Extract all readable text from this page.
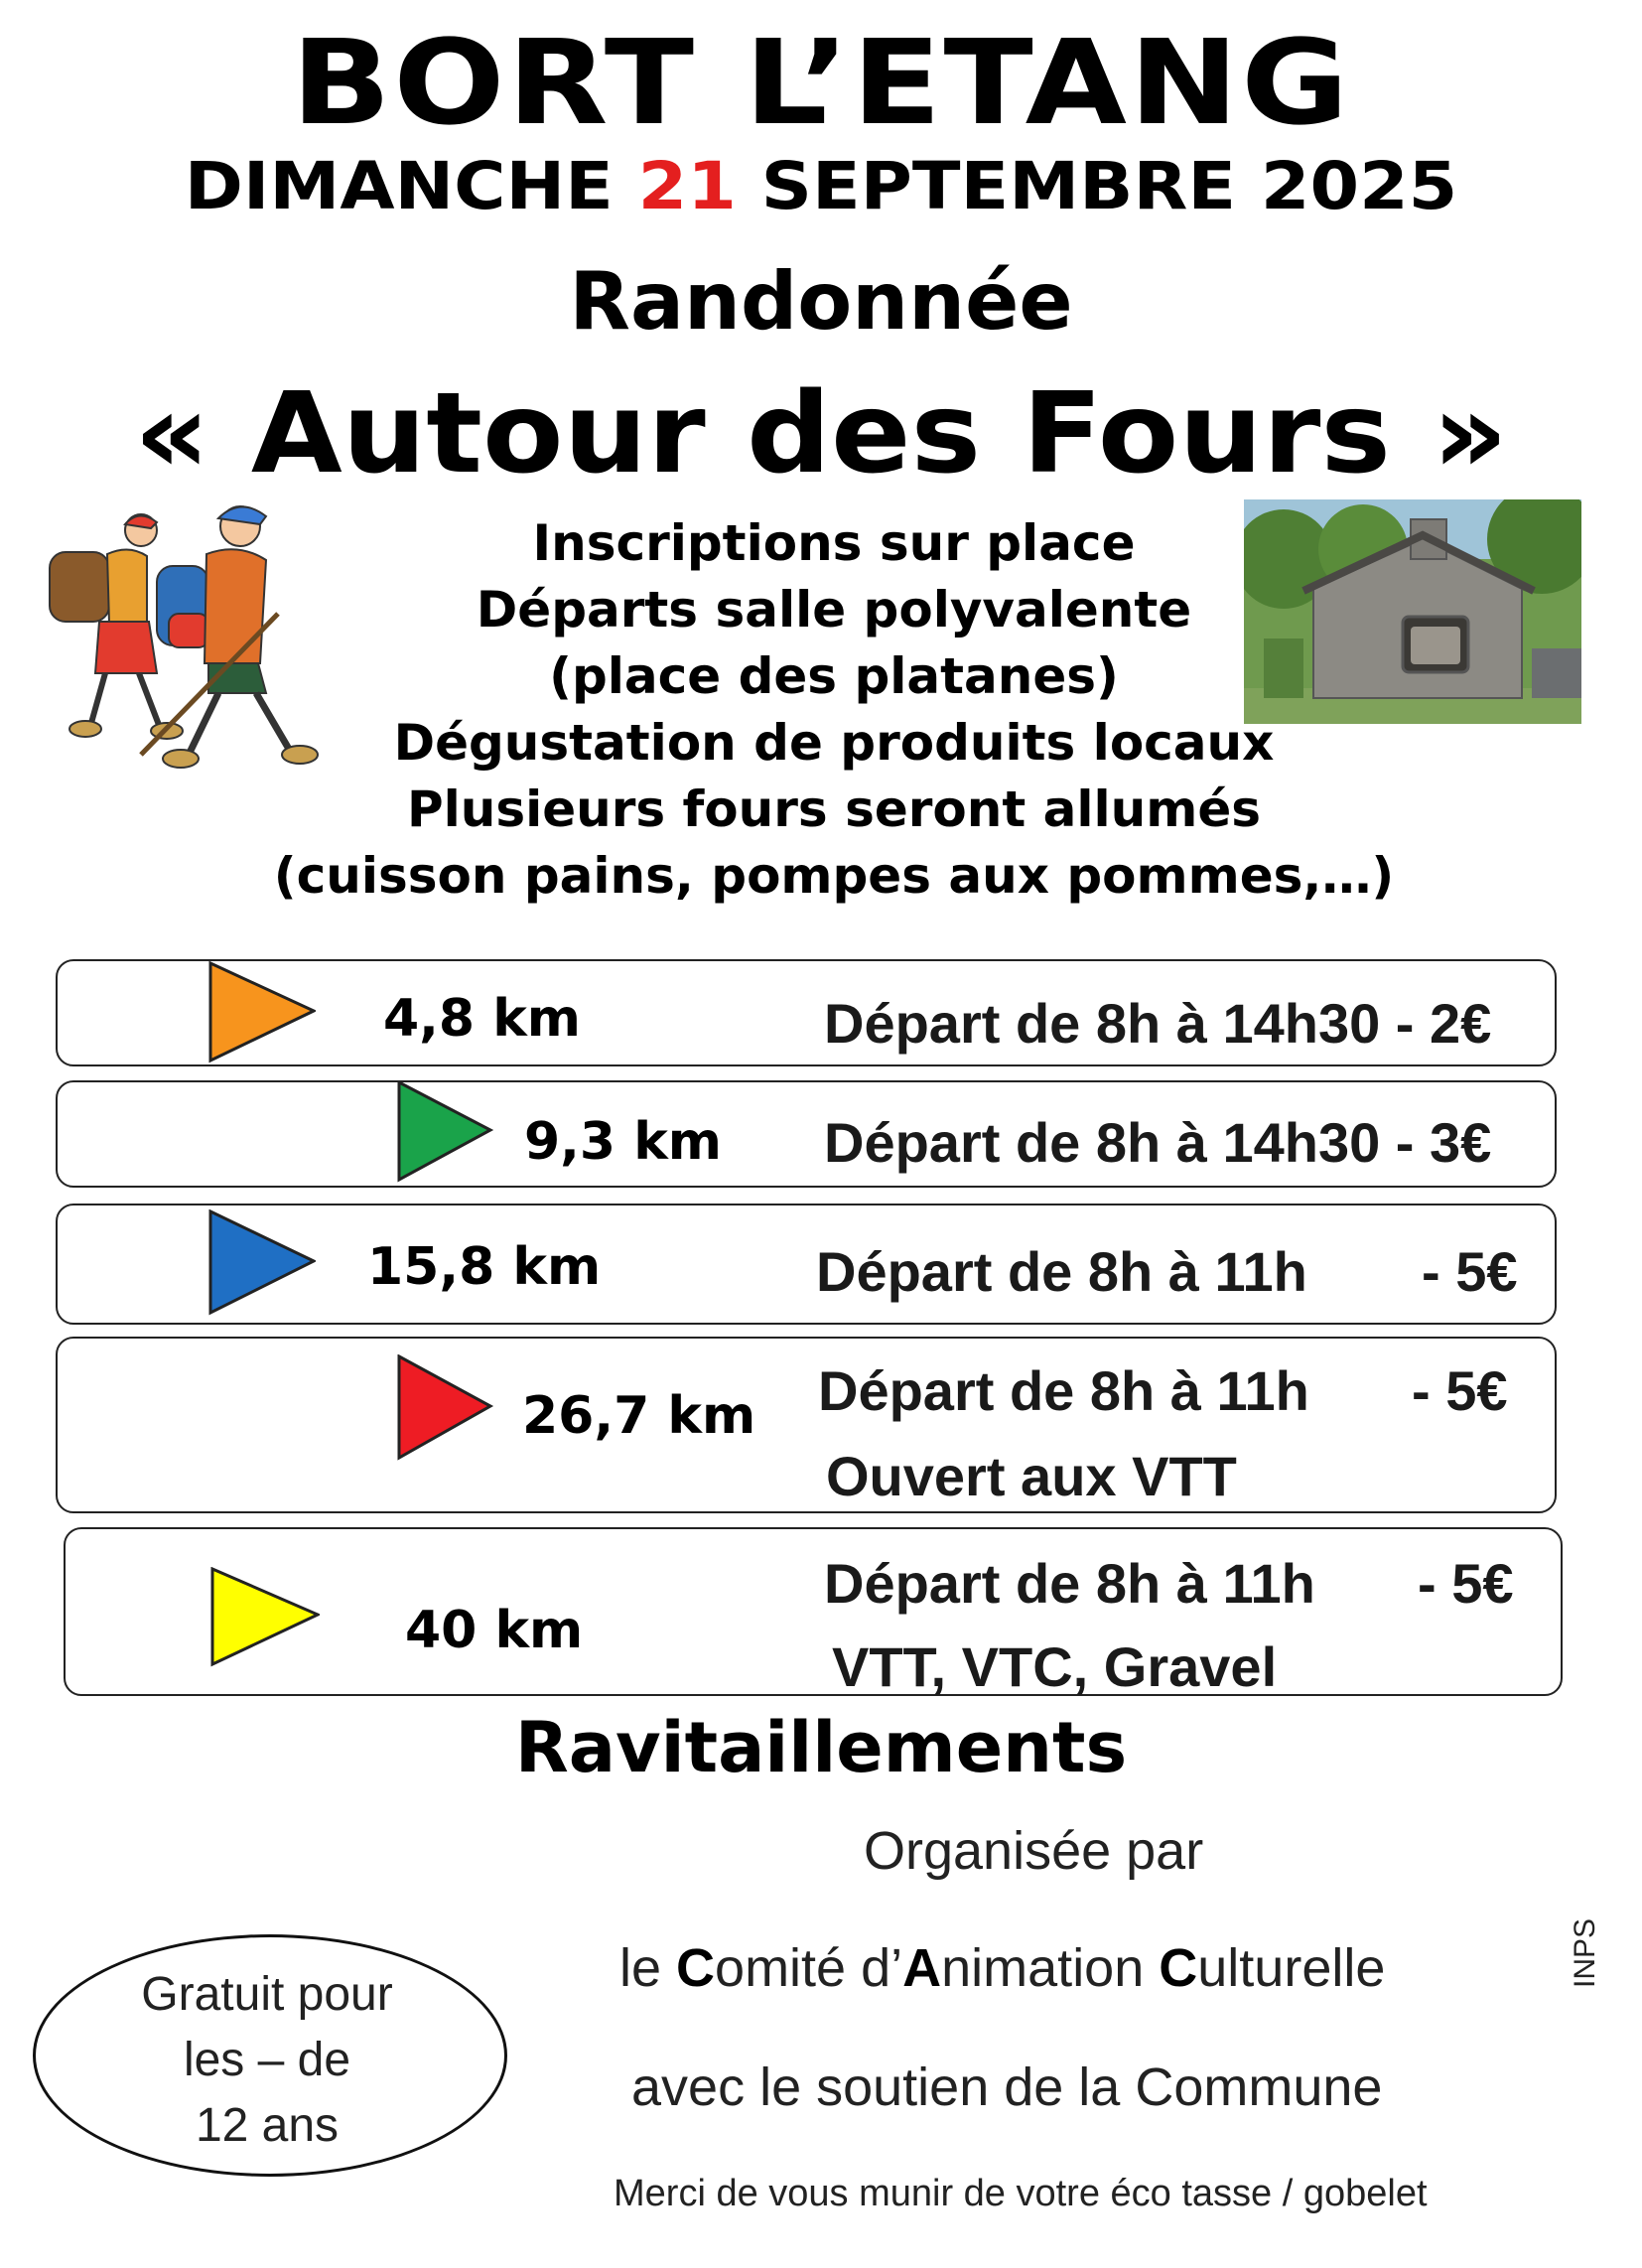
BORT L’ETANG
DIMANCHE 21 SEPTEMBRE 2025
Randonnée
« Autour des Fours »
Inscriptions sur place
Départs salle polyvalente
(place des platanes)
Dégustation de produits locaux
Plusieurs fours seront allumés
(cuisson pains, pompes aux pommes,…)
4,8 km	Départ de 8h à 14h30 - 2€
9,3 km Départ de 8h à 14h30 - 3€
15,8 km	Départ de 8h à 11h - 5€
26,7 km Départ de 8h à 11h - 5€
Ouvert aux VTT
40 km
Départ de 8h à 11h - 5€
VTT, VTC, Gravel
Ravitaillements
Organisée par
le Comité d’Animation Culturelle
avec le soutien de la Commune
Merci de vous munir de votre éco tasse / gobelet
Gratuit pour
les – de
12 ans
INPS
